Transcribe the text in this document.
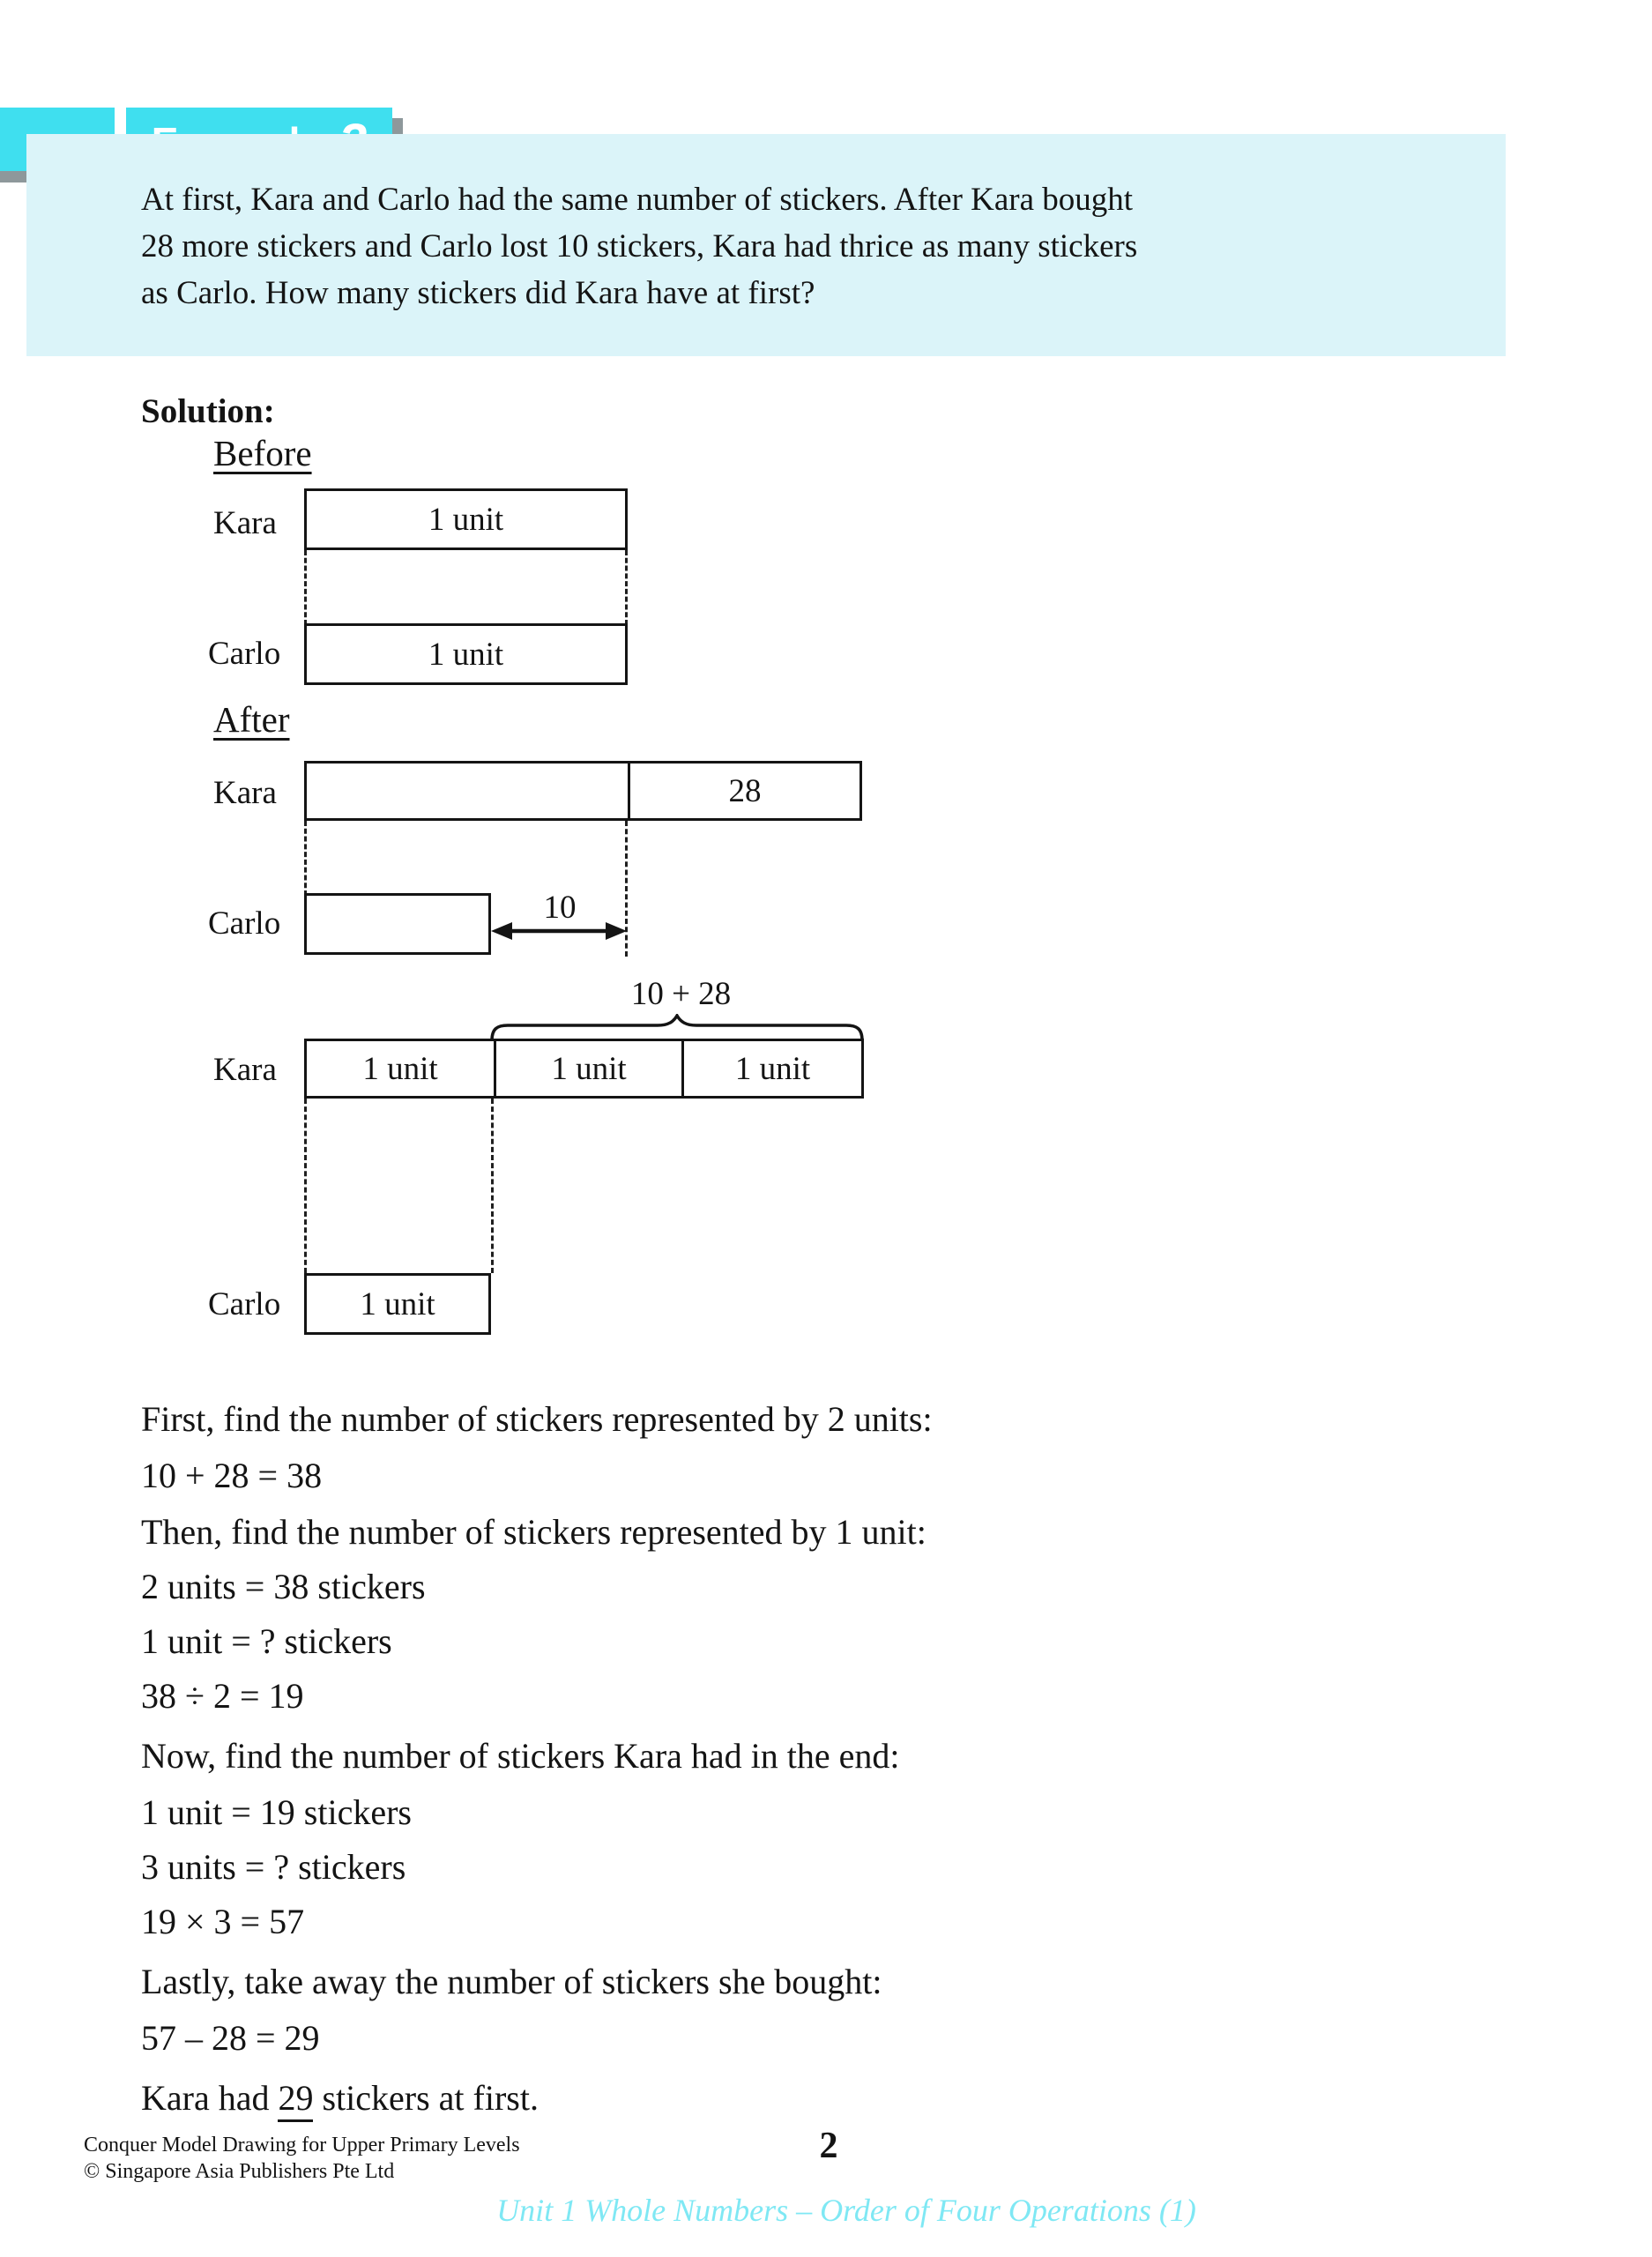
At first, Kara and Carlo had the same number of stickers. After Kara bought
28 more stickers and Carlo lost 10 stickers, Kara had thrice as many stickers
as Carlo. How many stickers did Kara have at first?
Solution:
Before
Kara	1 unit
Carlo	1 unit
After
Kara	28
Carlo	10
10 + 28
Kara	1 unit	1 unit	1 unit
Carlo	1 unit
First, find the number of stickers represented by 2 units:
10 + 28 = 38
Then, find the number of stickers represented by 1 unit:
2 units = 38 stickers
1 unit = ? stickers
38 ÷ 2 = 19
Now, find the number of stickers Kara had in the end:
1 unit = 19 stickers
3 units = ? stickers
19 × 3 = 57
Lastly, take away the number of stickers she bought:
57 – 28 = 29
Kara had 29 stickers at first.
Conquer Model Drawing for Upper Primary Levels
© Singapore Asia Publishers Pte Ltd
2
Unit 1 Whole Numbers – Order of Four Operations (1)
